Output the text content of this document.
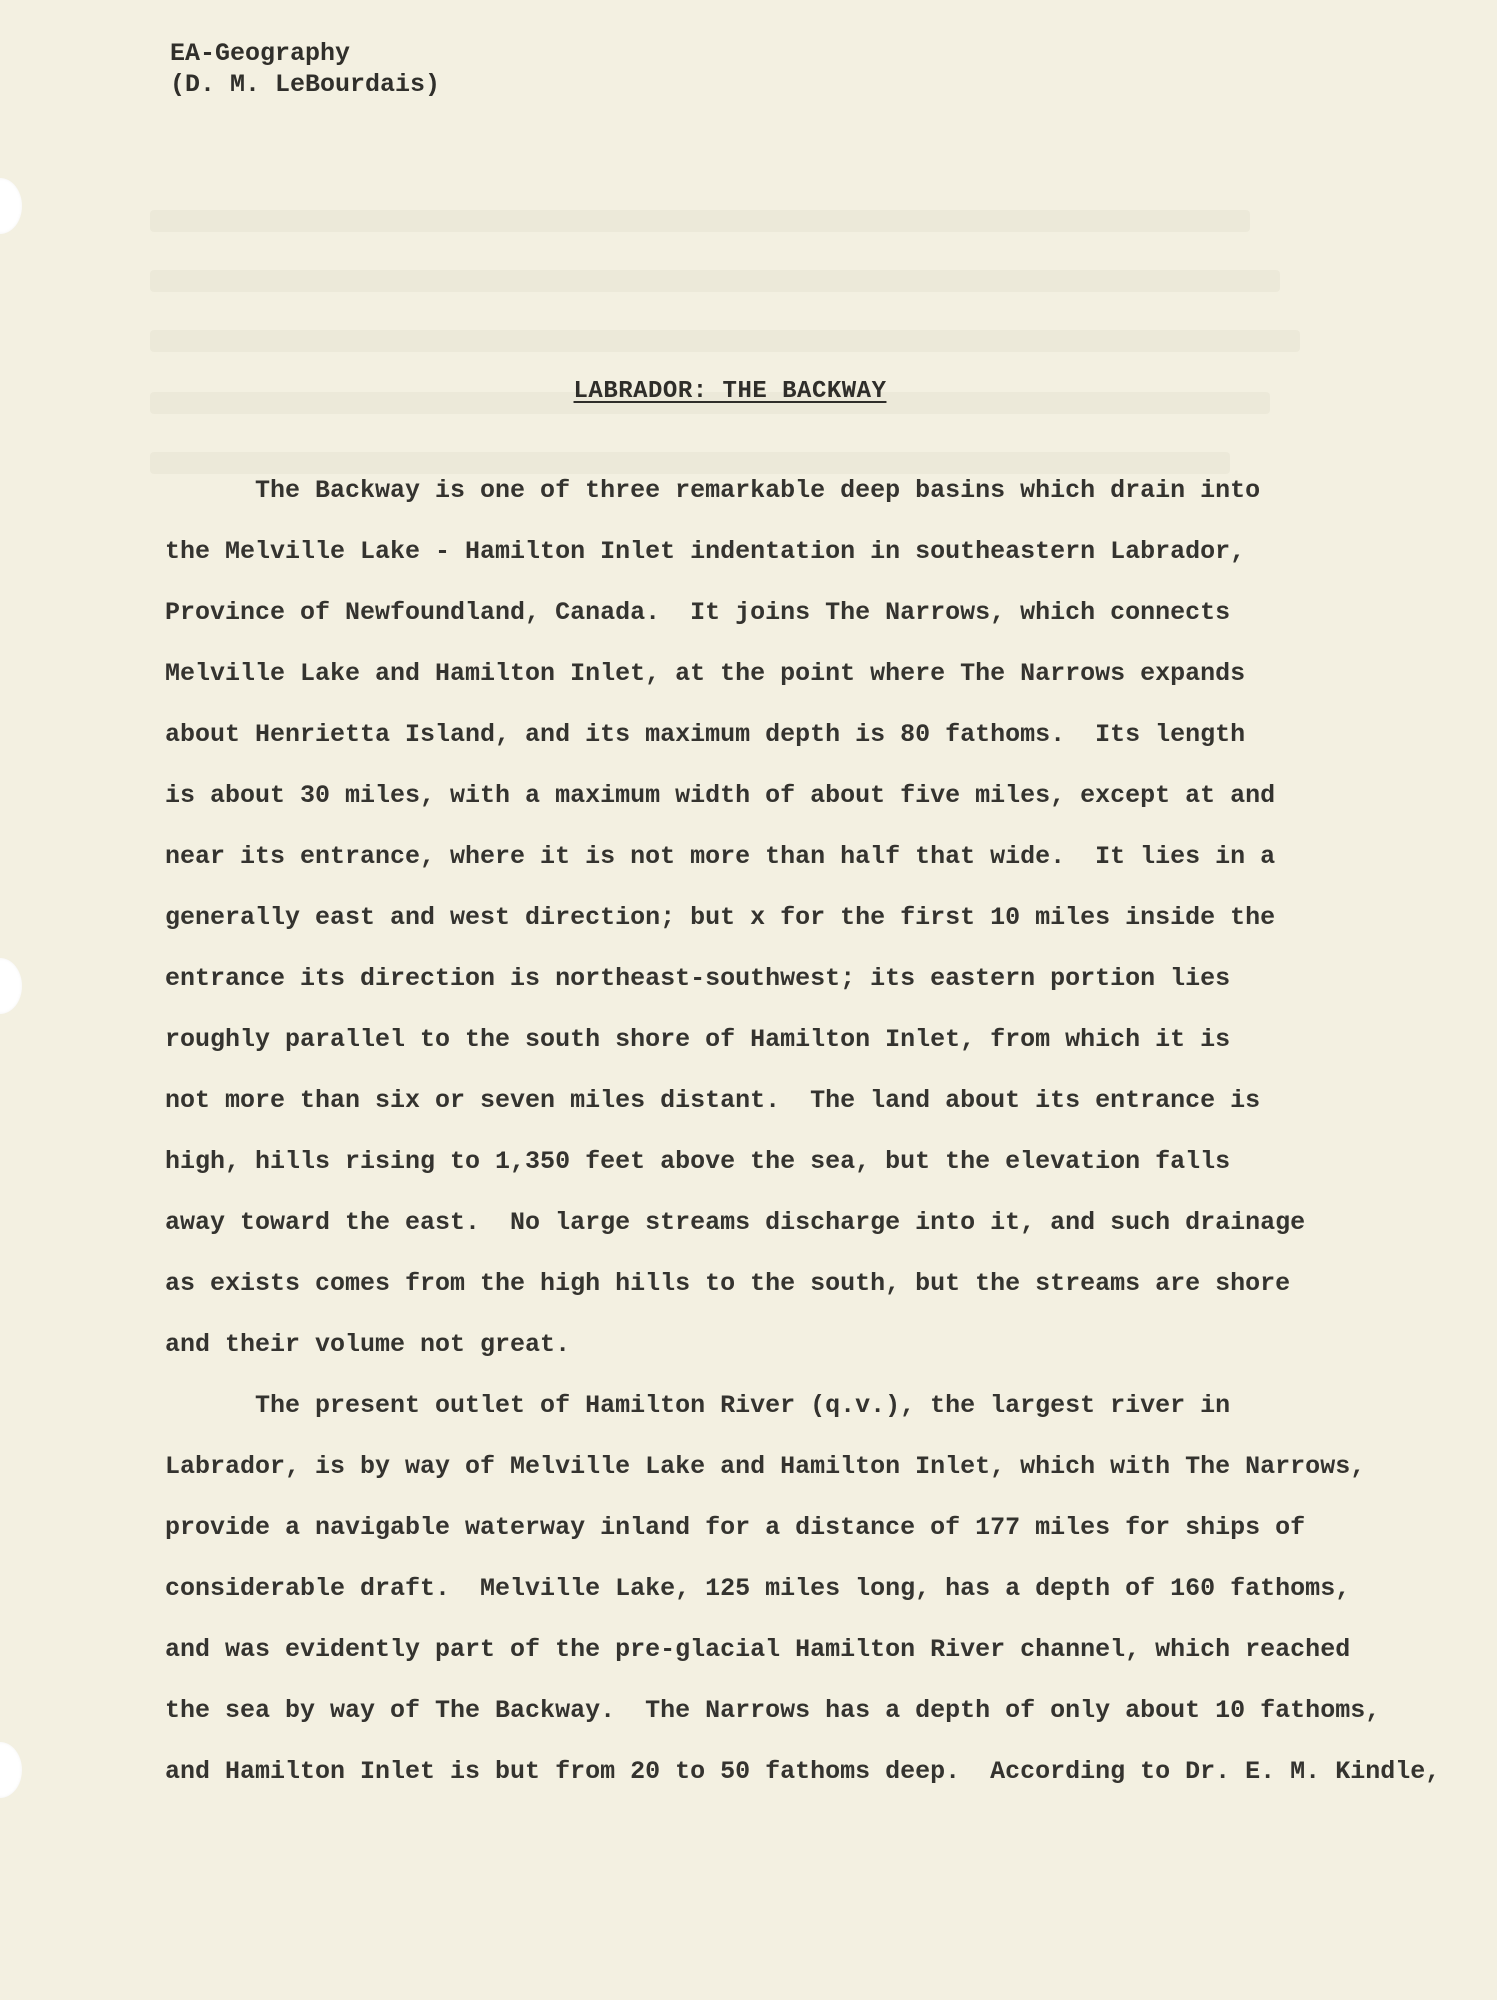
EA-Geography
(D. M. LeBourdais)
LABRADOR: THE BACKWAY
The Backway is one of three remarkable deep basins which drain into
the Melville Lake - Hamilton Inlet indentation in southeastern Labrador,
Province of Newfoundland, Canada.  It joins The Narrows, which connects
Melville Lake and Hamilton Inlet, at the point where The Narrows expands
about Henrietta Island, and its maximum depth is 80 fathoms.  Its length
is about 30 miles, with a maximum width of about five miles, except at and
near its entrance, where it is not more than half that wide.  It lies in a
generally east and west direction; but x for the first 10 miles inside the
entrance its direction is northeast-southwest; its eastern portion lies
roughly parallel to the south shore of Hamilton Inlet, from which it is
not more than six or seven miles distant.  The land about its entrance is
high, hills rising to 1,350 feet above the sea, but the elevation falls
away toward the east.  No large streams discharge into it, and such drainage
as exists comes from the high hills to the south, but the streams are shore
and their volume not great.
The present outlet of Hamilton River (q.v.), the largest river in
Labrador, is by way of Melville Lake and Hamilton Inlet, which with The Narrows,
provide a navigable waterway inland for a distance of 177 miles for ships of
considerable draft.  Melville Lake, 125 miles long, has a depth of 160 fathoms,
and was evidently part of the pre-glacial Hamilton River channel, which reached
the sea by way of The Backway.  The Narrows has a depth of only about 10 fathoms,
and Hamilton Inlet is but from 20 to 50 fathoms deep.  According to Dr. E. M. Kindle,
